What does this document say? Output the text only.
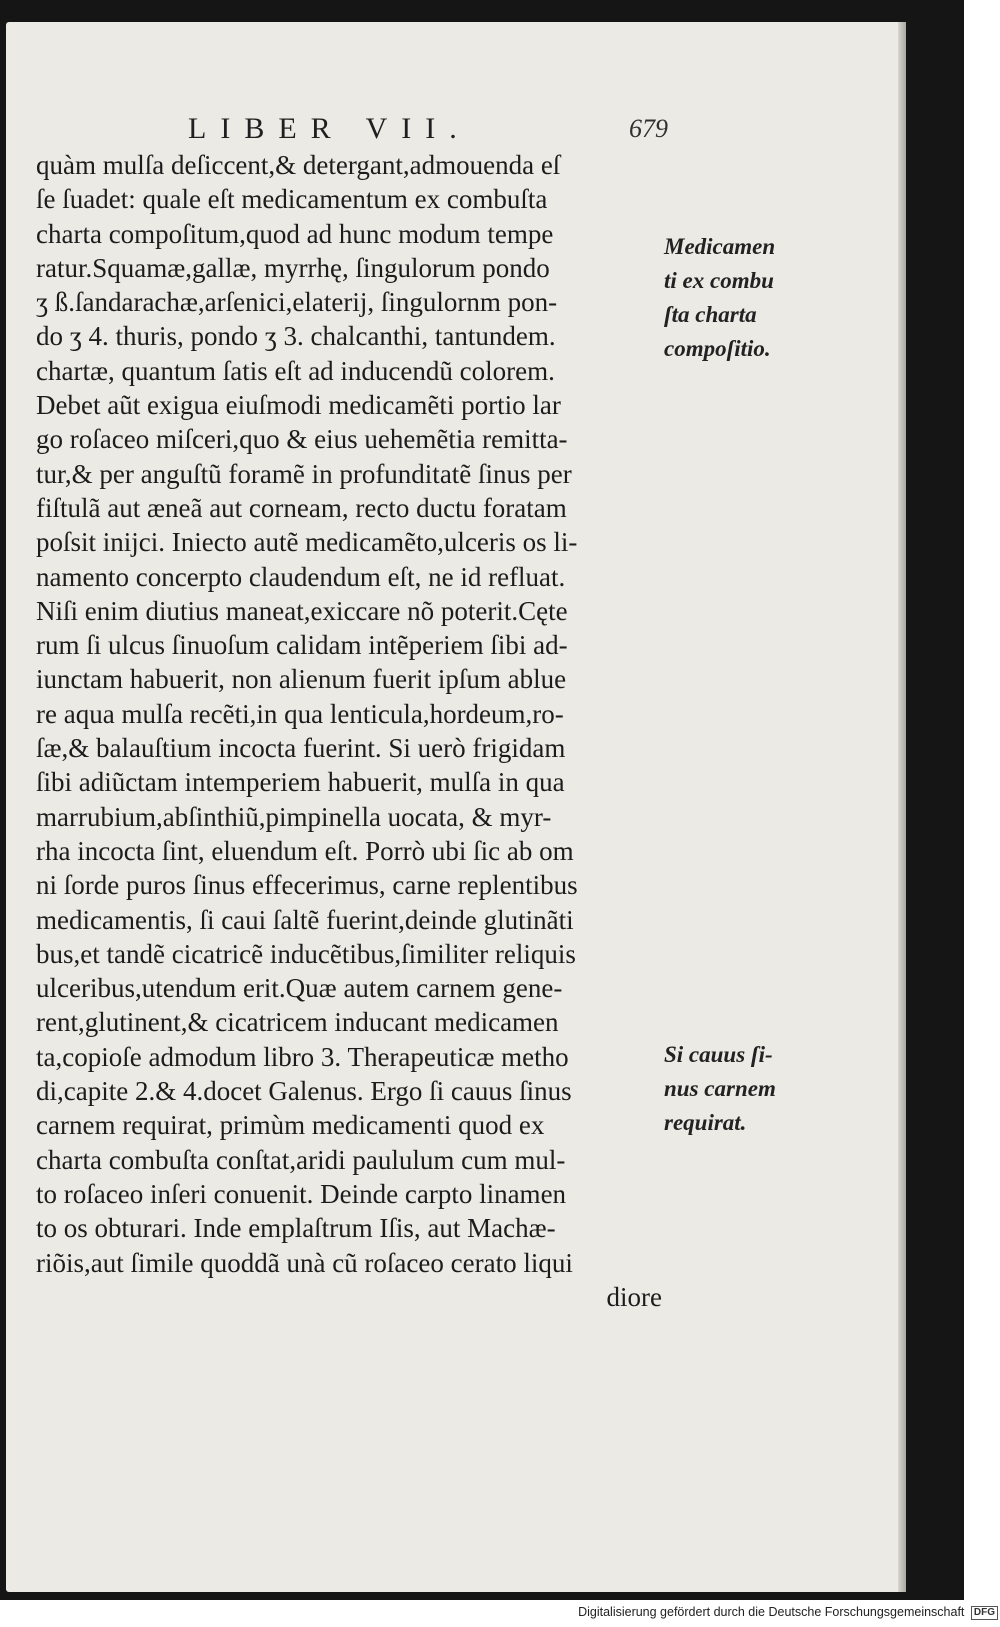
LIBER VII.	679
quàm mulſa deſiccent,& detergant,admouenda eſ
ſe ſuadet: quale eſt medicamentum ex combuſta
charta compoſitum,quod ad hunc modum tempe
ratur.Squamæ,gallæ, myrrhę, ſingulorum pondo
ʒ ß.ſandarachæ,arſenici,elaterij, ſingulornm pon-
do ʒ 4. thuris, pondo ʒ 3. chalcanthi, tantundem.
chartæ, quantum ſatis eſt ad inducendũ colorem.
Debet aũt exigua eiuſmodi medicamẽti portio lar
go roſaceo miſceri,quo & eius uehemẽtia remitta-
tur,& per anguſtũ foramẽ in profunditatẽ ſinus per
fiſtulã aut æneã aut corneam, recto ductu foratam
poſsit inijci. Iniecto autẽ medicamẽto,ulceris os li-
namento concerpto claudendum eſt, ne id refluat.
Niſi enim diutius maneat,exiccare nõ poterit.Cęte
rum ſi ulcus ſinuoſum calidam intẽperiem ſibi ad-
iunctam habuerit, non alienum fuerit ipſum ablue
re aqua mulſa recẽti,in qua lenticula,hordeum,ro-
ſæ,& balauſtium incocta fuerint. Si uerò frigidam
ſibi adiũctam intemperiem habuerit, mulſa in qua
marrubium,abſinthiũ,pimpinella uocata, & myr-
rha incocta ſint, eluendum eſt. Porrò ubi ſic ab om
ni ſorde puros ſinus effecerimus, carne replentibus
medicamentis, ſi caui ſaltẽ fuerint,deinde glutinãti
bus,et tandẽ cicatricẽ inducẽtibus,ſimiliter reliquis
ulceribus,utendum erit.Quæ autem carnem gene-
rent,glutinent,& cicatricem inducant medicamen
ta,copioſe admodum libro 3. Therapeuticæ metho
di,capite 2.& 4.docet Galenus. Ergo ſi cauus ſinus
carnem requirat, primùm medicamenti quod ex
charta combuſta conſtat,aridi paululum cum mul-
to roſaceo inſeri conuenit. Deinde carpto linamen
to os obturari. Inde emplaſtrum Iſis, aut Machæ-
riõis,aut ſimile quoddã unà cũ roſaceo cerato liqui
diore
Medicamen
ti ex combu
ſta charta
compoſitio.
Si cauus ſi-
nus carnem
requirat.
Digitalisierung gefördert durch die Deutsche Forschungsgemeinschaft DFG
